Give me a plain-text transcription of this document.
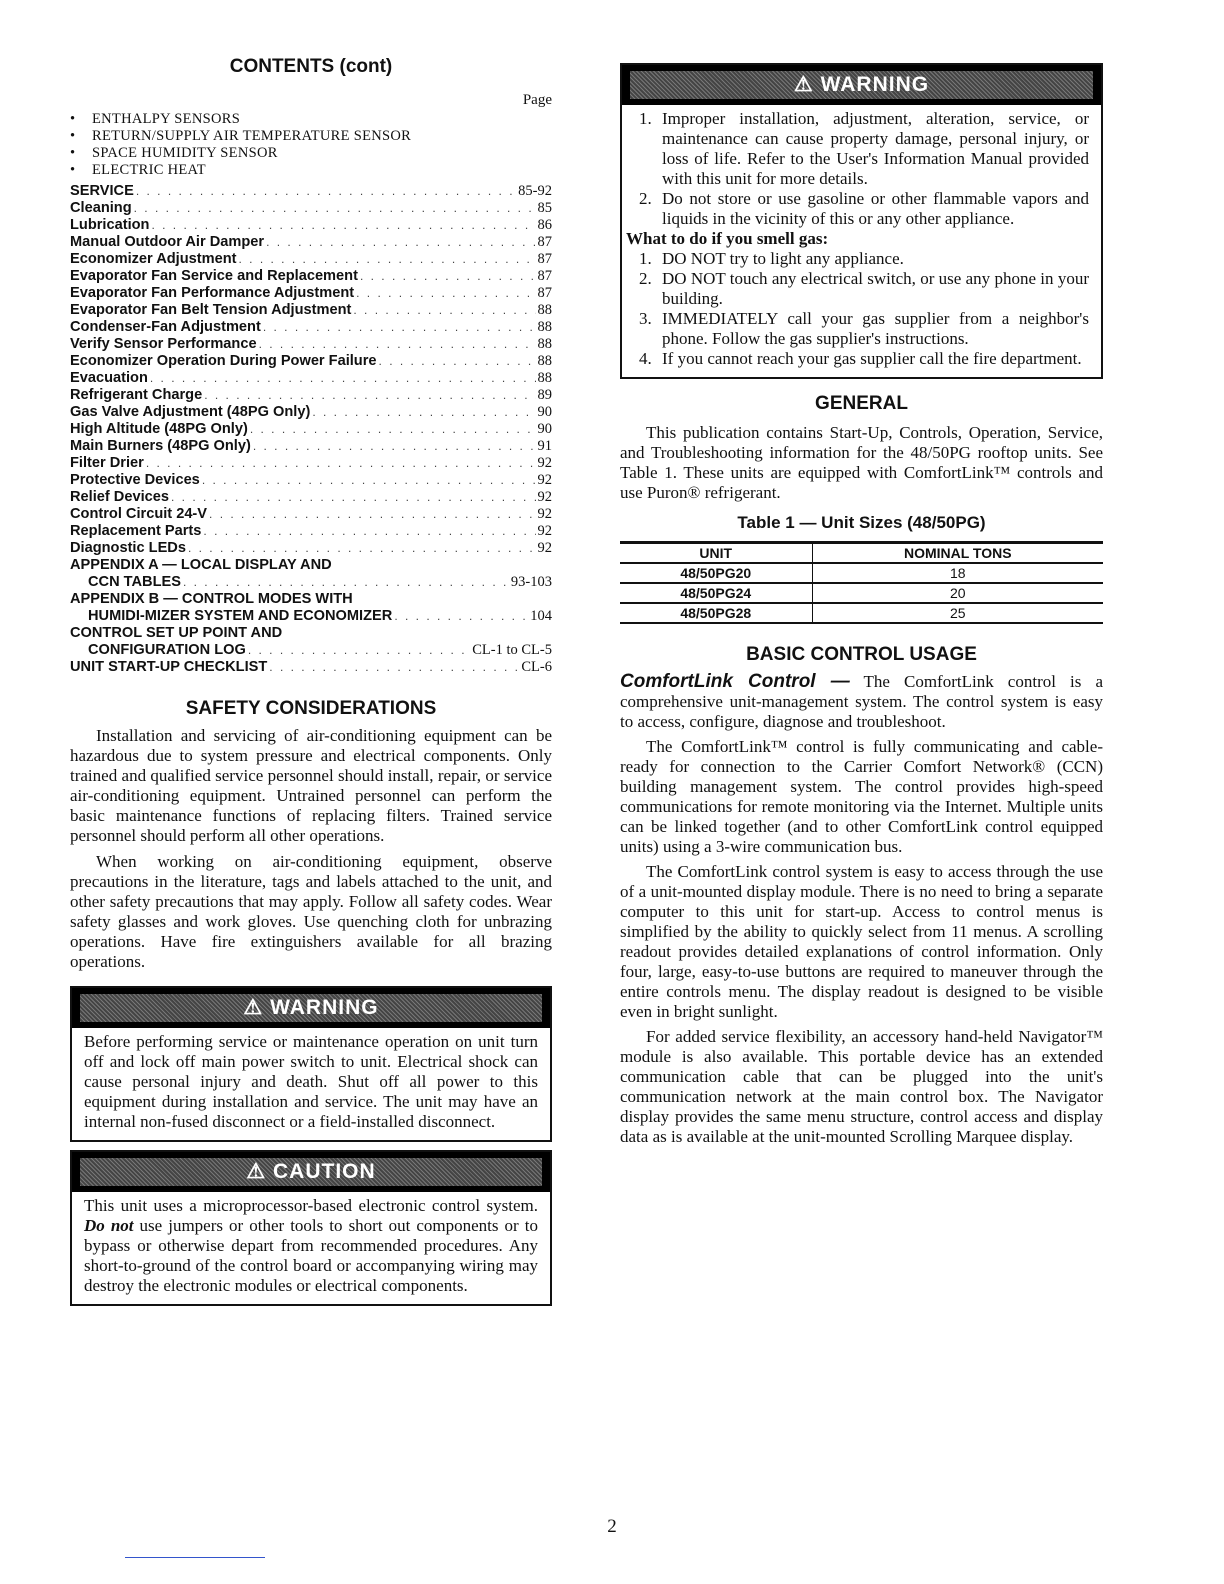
CONTENTS (cont)
Page
• ENTHALPY SENSORS
• RETURN/SUPPLY AIR TEMPERATURE SENSOR
• SPACE HUMIDITY SENSOR
• ELECTRIC HEAT
SERVICE . . .	85-92
Cleaning . . .	85
Lubrication . . .	86
Manual Outdoor Air Damper . . .	87
Economizer Adjustment . . .	87
Evaporator Fan Service and Replacement . . .	87
Evaporator Fan Performance Adjustment . . .	87
Evaporator Fan Belt Tension Adjustment . . .	88
Condenser-Fan Adjustment . . .	88
Verify Sensor Performance . . .	88
Economizer Operation During Power Failure . . .	88
Evacuation . . .	88
Refrigerant Charge . . .	89
Gas Valve Adjustment (48PG Only) . . .	90
High Altitude (48PG Only) . . .	90
Main Burners (48PG Only) . . .	91
Filter Drier . . .	92
Protective Devices . . .	92
Relief Devices . . .	92
Control Circuit 24-V . . .	92
Replacement Parts . . .	92
Diagnostic LEDs . . .	92
APPENDIX A — LOCAL DISPLAY AND
CCN TABLES . . .	93-103
APPENDIX B — CONTROL MODES WITH
HUMIDI-MIZER SYSTEM AND ECONOMIZER . . .	104
CONTROL SET UP POINT AND
CONFIGURATION LOG . . .	CL-1 to CL-5
UNIT START-UP CHECKLIST . . .	CL-6
SAFETY CONSIDERATIONS

Installation and servicing of air-conditioning equipment can be hazardous due to system pressure and electrical components. Only trained and qualified service personnel should install, repair, or service air-conditioning equipment. Untrained personnel can perform the basic maintenance functions of replacing filters. Trained service personnel should perform all other operations.

When working on air-conditioning equipment, observe precautions in the literature, tags and labels attached to the unit, and other safety precautions that may apply. Follow all safety codes. Wear safety glasses and work gloves. Use quenching cloth for unbrazing operations. Have fire extinguishers available for all brazing operations.

⚠ WARNING
Before performing service or maintenance operation on unit turn off and lock off main power switch to unit. Electrical shock can cause personal injury and death. Shut off all power to this equipment during installation and service. The unit may have an internal non-fused disconnect or a field-installed disconnect.
⚠ CAUTION
This unit uses a microprocessor-based electronic control system. Do not use jumpers or other tools to short out components or to bypass or otherwise depart from recommended procedures. Any short-to-ground of the control board or accompanying wiring may destroy the electronic modules or electrical components.
⚠ WARNING
1. Improper installation, adjustment, alteration, service, or maintenance can cause property damage, personal injury, or loss of life. Refer to the User's Information Manual provided with this unit for more details.
2. Do not store or use gasoline or other flammable vapors and liquids in the vicinity of this or any other appliance.
What to do if you smell gas:
1. DO NOT try to light any appliance.
2. DO NOT touch any electrical switch, or use any phone in your building.
3. IMMEDIATELY call your gas supplier from a neighbor's phone. Follow the gas supplier's instructions.
4. If you cannot reach your gas supplier call the fire department.
GENERAL

This publication contains Start-Up, Controls, Operation, Service, and Troubleshooting information for the 48/50PG rooftop units. See Table 1. These units are equipped with ComfortLink™ controls and use Puron® refrigerant.

Table 1 — Unit Sizes (48/50PG)
UNIT	NOMINAL TONS
48/50PG20	18
48/50PG24	20
48/50PG28	25
BASIC CONTROL USAGE

ComfortLink Control — The ComfortLink control is a comprehensive unit-management system. The control system is easy to access, configure, diagnose and troubleshoot.

The ComfortLink™ control is fully communicating and cable-ready for connection to the Carrier Comfort Network® (CCN) building management system. The control provides high-speed communications for remote monitoring via the Internet. Multiple units can be linked together (and to other ComfortLink control equipped units) using a 3-wire communication bus.

The ComfortLink control system is easy to access through the use of a unit-mounted display module. There is no need to bring a separate computer to this unit for start-up. Access to control menus is simplified by the ability to quickly select from 11 menus. A scrolling readout provides detailed explanations of control information. Only four, large, easy-to-use buttons are required to maneuver through the entire controls menu. The display readout is designed to be visible even in bright sunlight.

For added service flexibility, an accessory hand-held Navigator™ module is also available. This portable device has an extended communication cable that can be plugged into the unit's communication network at the main control box. The Navigator display provides the same menu structure, control access and display data as is available at the unit-mounted Scrolling Marquee display.

2
